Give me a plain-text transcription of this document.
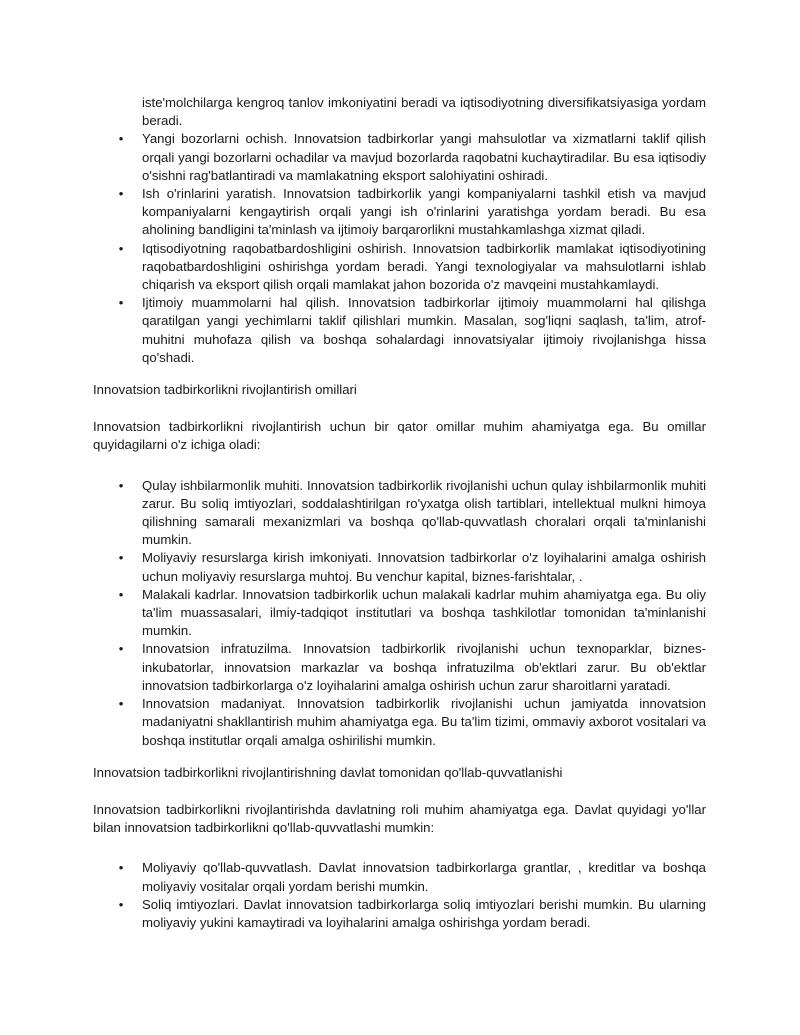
iste'molchilarga kengroq tanlov imkoniyatini beradi va iqtisodiyotning diversifikatsiyasiga yordam beradi.

• Yangi bozorlarni ochish. Innovatsion tadbirkorlar yangi mahsulotlar va xizmatlarni taklif qilish orqali yangi bozorlarni ochadilar va mavjud bozorlarda raqobatni kuchaytiradilar. Bu esa iqtisodiy o'sishni rag'batlantiradi va mamlakatning eksport salohiyatini oshiradi.
• Ish o'rinlarini yaratish. Innovatsion tadbirkorlik yangi kompaniyalarni tashkil etish va mavjud kompaniyalarni kengaytirish orqali yangi ish o'rinlarini yaratishga yordam beradi. Bu esa aholining bandligini ta'minlash va ijtimoiy barqarorlikni mustahkamlashga xizmat qiladi.
• Iqtisodiyotning raqobatbardoshligini oshirish. Innovatsion tadbirkorlik mamlakat iqtisodiyotining raqobatbardoshligini oshirishga yordam beradi. Yangi texnologiyalar va mahsulotlarni ishlab chiqarish va eksport qilish orqali mamlakat jahon bozorida o'z mavqeini mustahkamlaydi.
• Ijtimoiy muammolarni hal qilish. Innovatsion tadbirkorlar ijtimoiy muammolarni hal qilishga qaratilgan yangi yechimlarni taklif qilishlari mumkin. Masalan, sog'liqni saqlash, ta'lim, atrof-muhitni muhofaza qilish va boshqa sohalardagi innovatsiyalar ijtimoiy rivojlanishga hissa qo'shadi.

Innovatsion tadbirkorlikni rivojlantirish omillari

Innovatsion tadbirkorlikni rivojlantirish uchun bir qator omillar muhim ahamiyatga ega. Bu omillar quyidagilarni o'z ichiga oladi:

• Qulay ishbilarmonlik muhiti. Innovatsion tadbirkorlik rivojlanishi uchun qulay ishbilarmonlik muhiti zarur. Bu soliq imtiyozlari, soddalashtirilgan ro'yxatga olish tartiblari, intellektual mulkni himoya qilishning samarali mexanizmlari va boshqa qo'llab-quvvatlash choralari orqali ta'minlanishi mumkin.
• Moliyaviy resurslarga kirish imkoniyati. Innovatsion tadbirkorlar o'z loyihalarini amalga oshirish uchun moliyaviy resurslarga muhtoj. Bu venchur kapital, biznes-farishtalar, .
• Malakali kadrlar. Innovatsion tadbirkorlik uchun malakali kadrlar muhim ahamiyatga ega. Bu oliy ta'lim muassasalari, ilmiy-tadqiqot institutlari va boshqa tashkilotlar tomonidan ta'minlanishi mumkin.
• Innovatsion infratuzilma. Innovatsion tadbirkorlik rivojlanishi uchun texnoparklar, biznes-inkubatorlar, innovatsion markazlar va boshqa infratuzilma ob'ektlari zarur. Bu ob'ektlar innovatsion tadbirkorlarga o'z loyihalarini amalga oshirish uchun zarur sharoitlarni yaratadi.
• Innovatsion madaniyat. Innovatsion tadbirkorlik rivojlanishi uchun jamiyatda innovatsion madaniyatni shakllantirish muhim ahamiyatga ega. Bu ta'lim tizimi, ommaviy axborot vositalari va boshqa institutlar orqali amalga oshirilishi mumkin.

Innovatsion tadbirkorlikni rivojlantirishning davlat tomonidan qo'llab-quvvatlanishi

Innovatsion tadbirkorlikni rivojlantirishda davlatning roli muhim ahamiyatga ega. Davlat quyidagi yo'llar bilan innovatsion tadbirkorlikni qo'llab-quvvatlashi mumkin:

• Moliyaviy qo'llab-quvvatlash. Davlat innovatsion tadbirkorlarga grantlar, , kreditlar va boshqa moliyaviy vositalar orqali yordam berishi mumkin.
• Soliq imtiyozlari. Davlat innovatsion tadbirkorlarga soliq imtiyozlari berishi mumkin. Bu ularning moliyaviy yukini kamaytiradi va loyihalarini amalga oshirishga yordam beradi.
